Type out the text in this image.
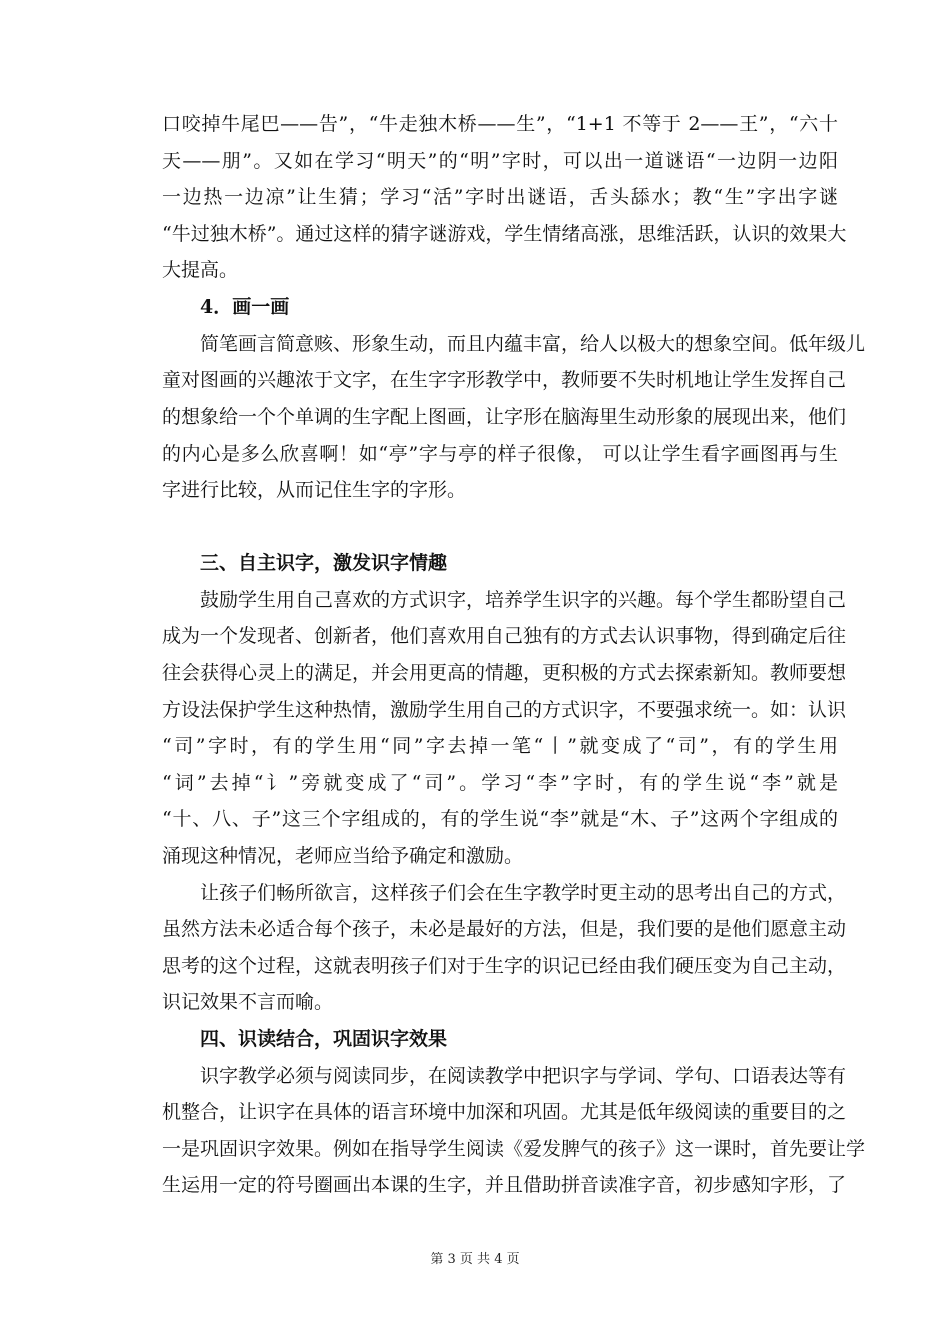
口咬掉牛尾巴——告”，“牛走独木桥——生”，“1+1 不等于 2——王”，“六十
天——朋”。又如在学习“明天”的“明”字时，可以出一道谜语“一边阴一边阳
一边热一边凉”让生猜；学习“活”字时出谜语，舌头舔水；教“生”字出字谜
“牛过独木桥”。通过这样的猜字谜游戏，学生情绪高涨，思维活跃，认识的效果大
大提高。
4．画一画
简笔画言简意赅、形象生动，而且内蕴丰富，给人以极大的想象空间。低年级儿
童对图画的兴趣浓于文字，在生字字形教学中，教师要不失时机地让学生发挥自己
的想象给一个个单调的生字配上图画，让字形在脑海里生动形象的展现出来，他们
的内心是多么欣喜啊！如“亭”字与亭的样子很像， 可以让学生看字画图再与生
字进行比较，从而记住生字的字形。
三、自主识字，激发识字情趣
鼓励学生用自己喜欢的方式识字，培养学生识字的兴趣。每个学生都盼望自己
成为一个发现者、创新者，他们喜欢用自己独有的方式去认识事物，得到确定后往
往会获得心灵上的满足，并会用更高的情趣，更积极的方式去探索新知。教师要想
方设法保护学生这种热情，激励学生用自己的方式识字，不要强求统一。如：认识
“司”字时，有的学生用“同”字去掉一笔“丨”就变成了“司”，有的学生用
“词”去掉“讠”旁就变成了“司”。学习“李”字时，有的学生说“李”就是
“十、八、子”这三个字组成的，有的学生说“李”就是“木、子”这两个字组成的
涌现这种情况，老师应当给予确定和激励。
让孩子们畅所欲言，这样孩子们会在生字教学时更主动的思考出自己的方式，
虽然方法未必适合每个孩子，未必是最好的方法，但是，我们要的是他们愿意主动
思考的这个过程，这就表明孩子们对于生字的识记已经由我们硬压变为自己主动，
识记效果不言而喻。
四、识读结合，巩固识字效果
识字教学必须与阅读同步，在阅读教学中把识字与学词、学句、口语表达等有
机整合，让识字在具体的语言环境中加深和巩固。尤其是低年级阅读的重要目的之
一是巩固识字效果。例如在指导学生阅读《爱发脾气的孩子》这一课时，首先要让学
生运用一定的符号圈画出本课的生字，并且借助拼音读准字音，初步感知字形，了
第 3 页 共 4 页
